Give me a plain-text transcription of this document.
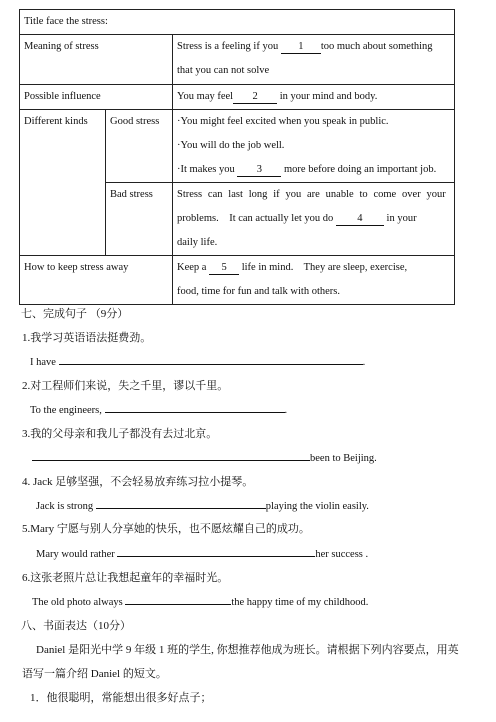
Title face the stress:		
Meaning of stress		Stress is a feeling if you 1 too much about something
that you can not solve

Possible influence		You may feel 2 in your mind and body.
Different kinds	Good stress	·You might feel excited when you speak in public.
·You will do the job well.
·It makes you 3 more before doing an important job.

	Bad stress	Stress can last long if you are unable to come over your
problems.    It can actually let you do 4 in your
daily life.

How to keep stress away		Keep a 5 life in mind.    They are sleep, exercise,
food, time for fun and talk with others.
七、完成句子 （9分）
1.我学习英语语法挺费劲。
I have	.
2.对工程师们来说，失之千里，谬以千里。
To the engineers,	.
3.我的父母亲和我儿子都没有去过北京。
been to Beijing.
4. Jack 足够坚强，不会轻易放弃练习拉小提琴。
Jack is strong	playing the violin easily.
5.Mary 宁愿与别人分享她的快乐，也不愿炫耀自己的成功。
Mary would rather	her success .
6.这张老照片总让我想起童年的幸福时光。
The old photo always	the happy time of my childhood.
八、书面表达（10分）
Daniel 是阳光中学 9 年级 1 班的学生, 你想推荐他成为班长。请根据下列内容要点，用英
语写一篇介绍 Daniel 的短文。
1．他很聪明，常能想出很多好点子；
